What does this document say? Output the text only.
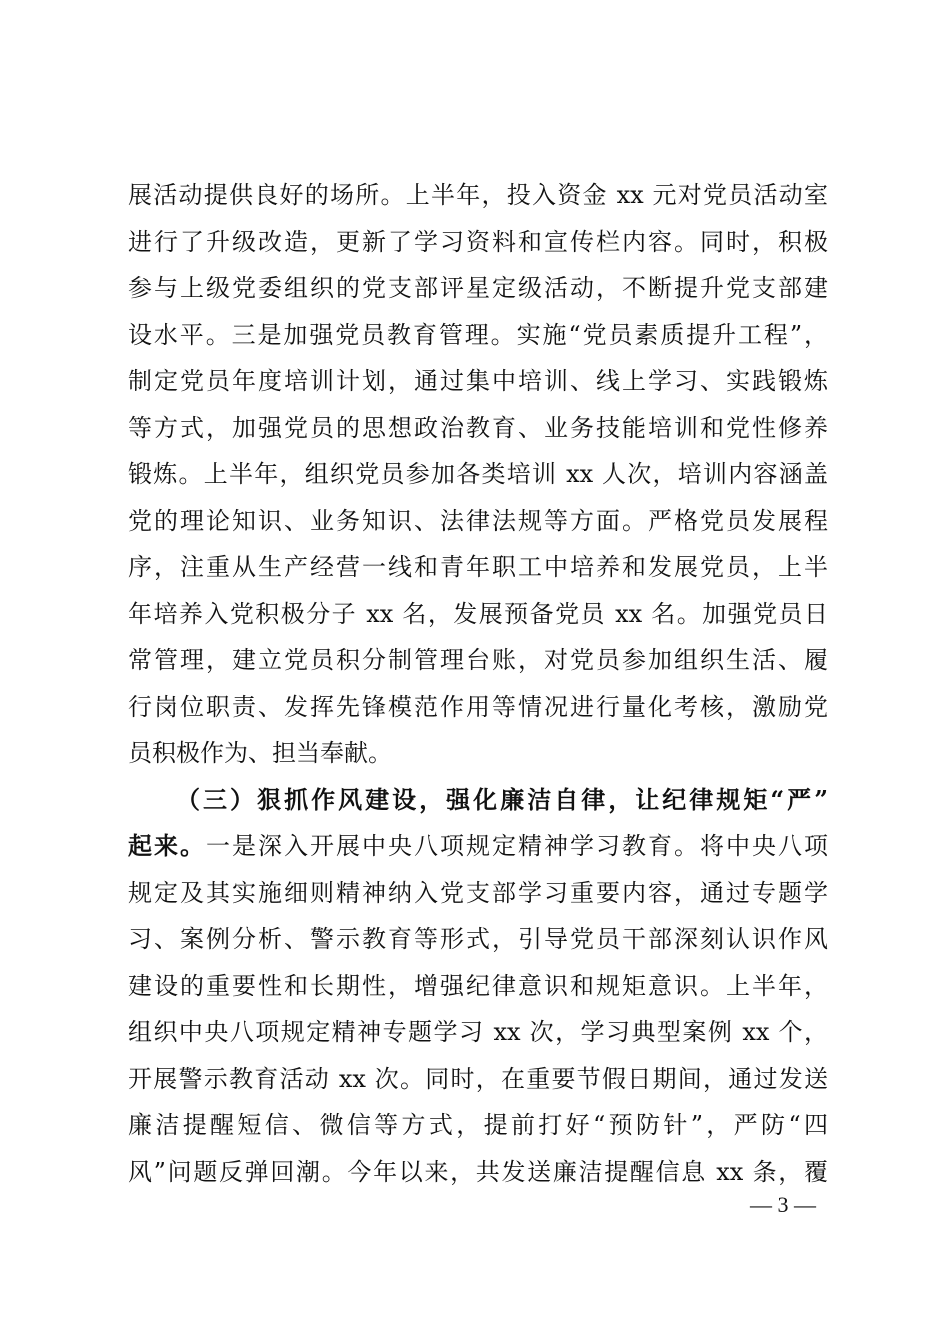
展活动提供良好的场所。上半年，投入资金 xx 元对党员活动室
进行了升级改造，更新了学习资料和宣传栏内容。同时，积极
参与上级党委组织的党支部评星定级活动，不断提升党支部建
设水平。三是加强党员教育管理。实施“党员素质提升工程”，
制定党员年度培训计划，通过集中培训、线上学习、实践锻炼
等方式，加强党员的思想政治教育、业务技能培训和党性修养
锻炼。上半年，组织党员参加各类培训 xx 人次，培训内容涵盖
党的理论知识、业务知识、法律法规等方面。严格党员发展程
序，注重从生产经营一线和青年职工中培养和发展党员，上半
年培养入党积极分子 xx 名，发展预备党员 xx 名。加强党员日
常管理，建立党员积分制管理台账，对党员参加组织生活、履
行岗位职责、发挥先锋模范作用等情况进行量化考核，激励党
员积极作为、担当奉献。
（三）狠抓作风建设，强化廉洁自律，让纪律规矩“严”
起来。一是深入开展中央八项规定精神学习教育。将中央八项
规定及其实施细则精神纳入党支部学习重要内容，通过专题学
习、案例分析、警示教育等形式，引导党员干部深刻认识作风
建设的重要性和长期性，增强纪律意识和规矩意识。上半年，
组织中央八项规定精神专题学习 xx 次，学习典型案例 xx 个，
开展警示教育活动 xx 次。同时，在重要节假日期间，通过发送
廉洁提醒短信、微信等方式，提前打好“预防针”，严防“四
风”问题反弹回潮。今年以来，共发送廉洁提醒信息 xx 条，覆
— 3 —
